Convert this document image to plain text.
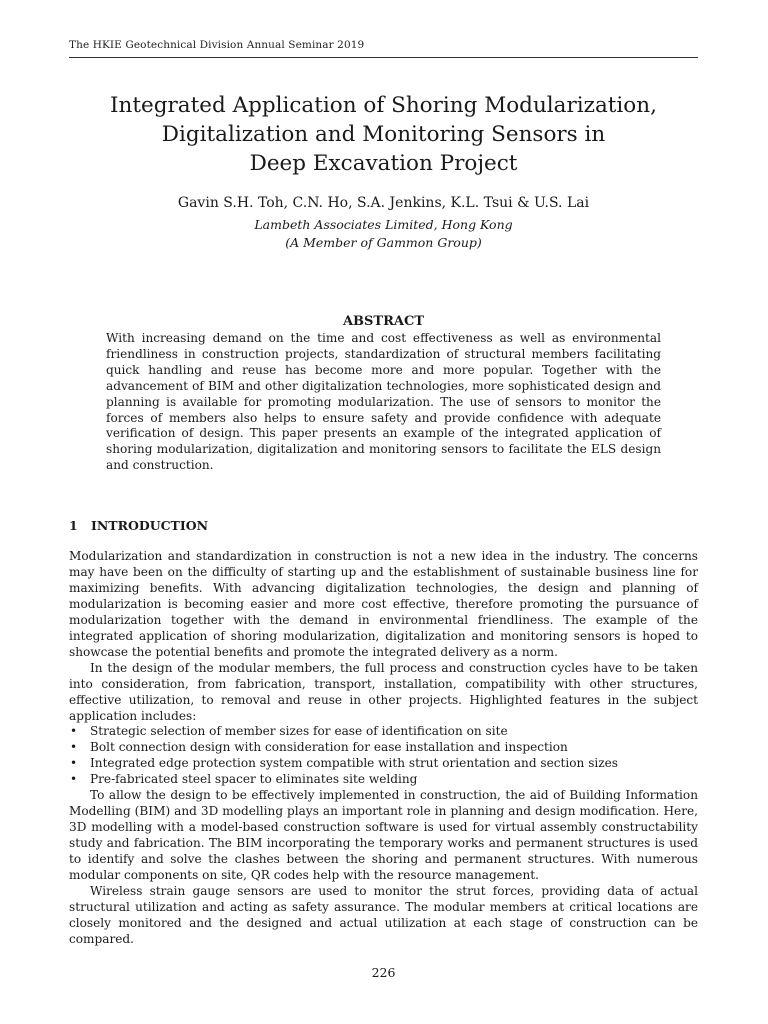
The HKIE Geotechnical Division Annual Seminar 2019
Integrated Application of Shoring Modularization,
Digitalization and Monitoring Sensors in
Deep Excavation Project
Gavin S.H. Toh, C.N. Ho, S.A. Jenkins, K.L. Tsui & U.S. Lai
Lambeth Associates Limited, Hong Kong
(A Member of Gammon Group)
ABSTRACT

With increasing demand on the time and cost effectiveness as well as environmental friendliness in construction projects, standardization of structural members facilitating quick handling and reuse has become more and more popular. Together with the advancement of BIM and other digitalization technologies, more sophisticated design and planning is available for promoting modularization. The use of sensors to monitor the forces of members also helps to ensure safety and provide confidence with adequate verification of design. This paper presents an example of the integrated application of shoring modularization, digitalization and monitoring sensors to facilitate the ELS design and construction.

1 INTRODUCTION

Modularization and standardization in construction is not a new idea in the industry. The concerns may have been on the difficulty of starting up and the establishment of sustainable business line for maximizing benefits. With advancing digitalization technologies, the design and planning of modularization is becoming easier and more cost effective, therefore promoting the pursuance of modularization together with the demand in environmental friendliness. The example of the integrated application of shoring modularization, digitalization and monitoring sensors is hoped to showcase the potential benefits and promote the integrated delivery as a norm.

In the design of the modular members, the full process and construction cycles have to be taken into consideration, from fabrication, transport, installation, compatibility with other structures, effective utilization, to removal and reuse in other projects. Highlighted features in the subject application includes:

• Strategic selection of member sizes for ease of identification on site
• Bolt connection design with consideration for ease installation and inspection
• Integrated edge protection system compatible with strut orientation and section sizes
• Pre-fabricated steel spacer to eliminates site welding

To allow the design to be effectively implemented in construction, the aid of Building Information Modelling (BIM) and 3D modelling plays an important role in planning and design modification. Here, 3D modelling with a model-based construction software is used for virtual assembly constructability study and fabrication. The BIM incorporating the temporary works and permanent structures is used to identify and solve the clashes between the shoring and permanent structures. With numerous modular components on site, QR codes help with the resource management.

Wireless strain gauge sensors are used to monitor the strut forces, providing data of actual structural utilization and acting as safety assurance. The modular members at critical locations are closely monitored and the designed and actual utilization at each stage of construction can be compared.

226
